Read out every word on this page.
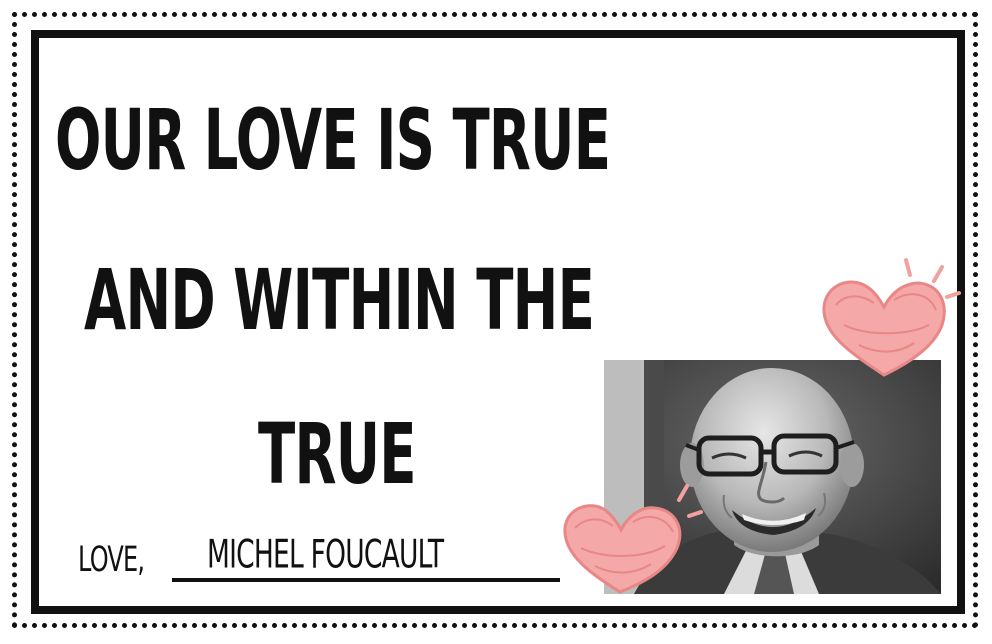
OUR LOVE IS TRUE
AND WITHIN THE
TRUE
LOVE, MICHEL FOUCAULT
